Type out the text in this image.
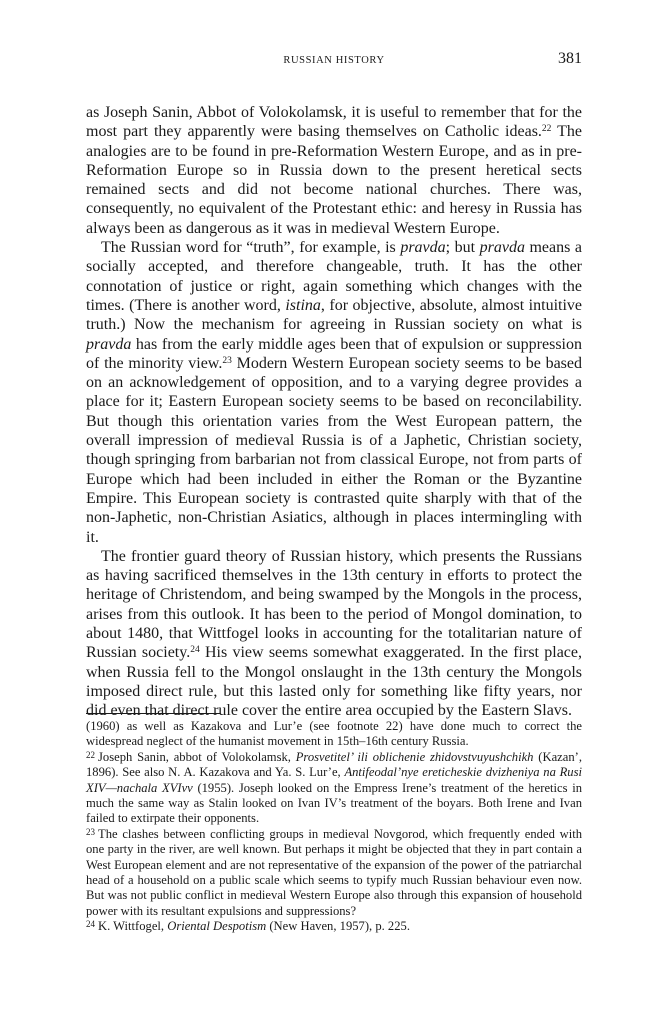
RUSSIAN HISTORY	381

as Joseph Sanin, Abbot of Volokolamsk, it is useful to remember that for the most part they apparently were basing themselves on Catholic ideas.$^{22}$ The analogies are to be found in pre-Reformation Western Europe, and as in pre-Reformation Europe so in Russia down to the present heretical sects remained sects and did not become national churches. There was, consequently, no equivalent of the Protestant ethic: and heresy in Russia has always been as dangerous as it was in medieval Western Europe.

The Russian word for “truth”, for example, is pravda; but pravda means a socially accepted, and therefore changeable, truth. It has the other connotation of justice or right, again something which changes with the times. (There is another word, istina, for objective, absolute, almost intuitive truth.) Now the mechanism for agreeing in Russian society on what is pravda has from the early middle ages been that of expulsion or suppression of the minority view.$^{23}$ Modern Western European society seems to be based on an acknowledgement of opposition, and to a varying degree provides a place for it; Eastern European society seems to be based on reconcilability. But though this orientation varies from the West European pattern, the overall impression of medieval Russia is of a Japhetic, Christian society, though springing from barbarian not from classical Europe, not from parts of Europe which had been included in either the Roman or the Byzantine Empire. This European society is contrasted quite sharply with that of the non-Japhetic, non-Christian Asiatics, although in places intermingling with it.

The frontier guard theory of Russian history, which presents the Russians as having sacrificed themselves in the 13th century in efforts to protect the heritage of Christendom, and being swamped by the Mongols in the process, arises from this outlook. It has been to the period of Mongol domination, to about 1480, that Wittfogel looks in accounting for the totalitarian nature of Russian society.$^{24}$ His view seems somewhat exaggerated. In the first place, when Russia fell to the Mongol onslaught in the 13th century the Mongols imposed direct rule, but this lasted only for something like fifty years, nor did even that direct rule cover the entire area occupied by the Eastern Slavs.

(1960) as well as Kazakova and Lur’e (see footnote 22) have done much to correct the widespread neglect of the humanist movement in 15th–16th century Russia.

$^{22}$ Joseph Sanin, abbot of Volokolamsk, Prosvetitel’ ili oblichenie zhidovstvuyushchikh (Kazan’, 1896). See also N. A. Kazakova and Ya. S. Lur’e, Antifeodal’nye ereticheskie dvizheniya na Rusi XIV—nachala XVIvv (1955). Joseph looked on the Empress Irene’s treatment of the heretics in much the same way as Stalin looked on Ivan IV’s treatment of the boyars. Both Irene and Ivan failed to extirpate their opponents.

$^{23}$ The clashes between conflicting groups in medieval Novgorod, which frequently ended with one party in the river, are well known. But perhaps it might be objected that they in part contain a West European element and are not representative of the expansion of the power of the patriarchal head of a household on a public scale which seems to typify much Russian behaviour even now. But was not public conflict in medieval Western Europe also through this expansion of household power with its resultant expulsions and suppressions?

$^{24}$ K. Wittfogel, Oriental Despotism (New Haven, 1957), p. 225.
